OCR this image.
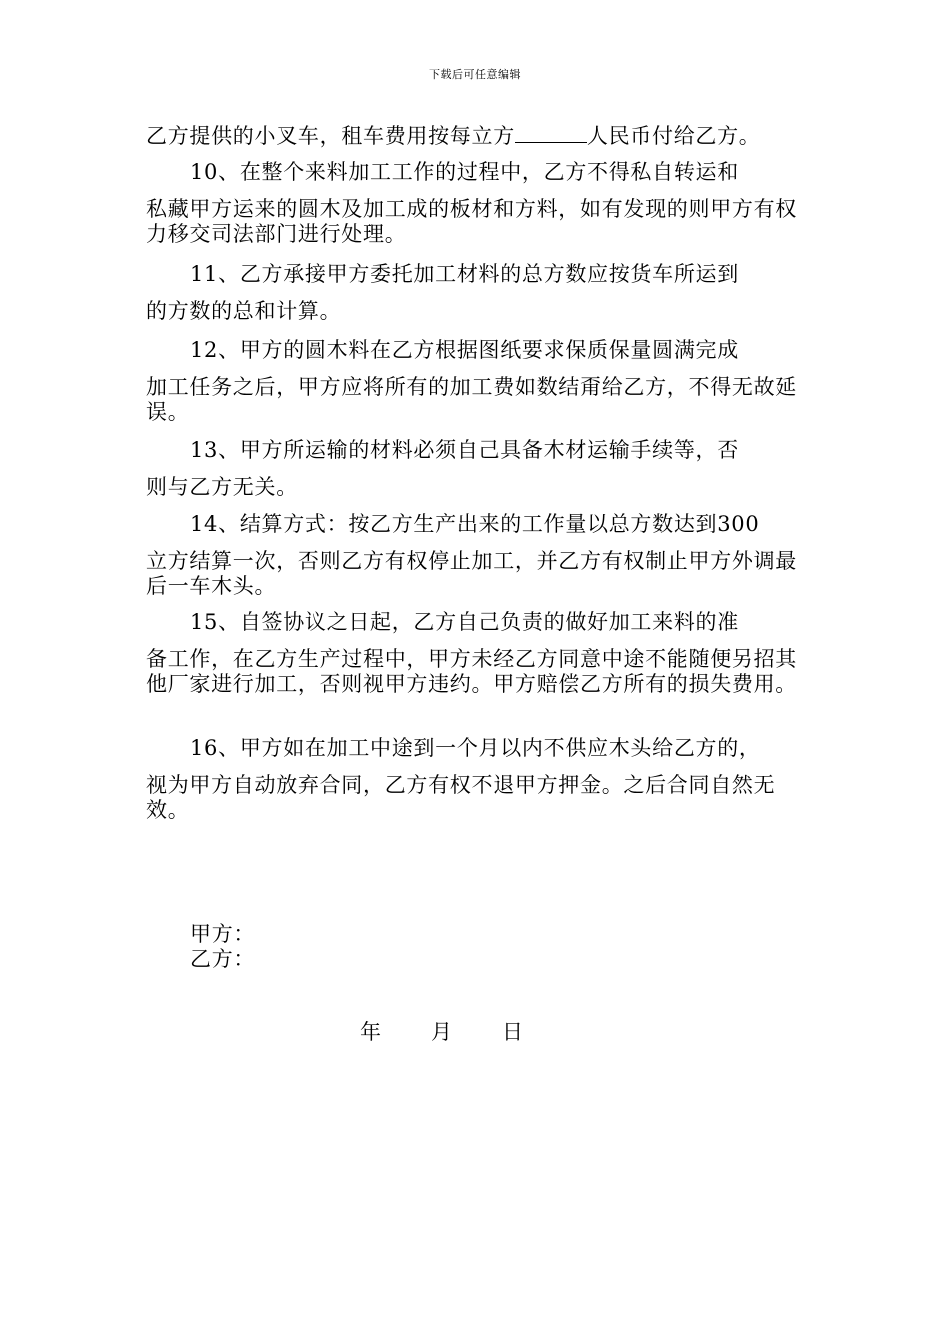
下载后可任意编辑
乙方提供的小叉车，租车费用按每立方	人民币付给乙方。

10、在整个来料加工工作的过程中，乙方不得私自转运和

私藏甲方运来的圆木及加工成的板材和方料，如有发现的则甲方有权力移交司法部门进行处理。

11、乙方承接甲方委托加工材料的总方数应按货车所运到

的方数的总和计算。

12、甲方的圆木料在乙方根据图纸要求保质保量圆满完成

加工任务之后，甲方应将所有的加工费如数结甭给乙方，不得无故延误。

13、甲方所运输的材料必须自己具备木材运输手续等，否

则与乙方无关。

14、结算方式：按乙方生产出来的工作量以总方数达到300

立方结算一次，否则乙方有权停止加工，并乙方有权制止甲方外调最后一车木头。

15、自签协议之日起，乙方自己负责的做好加工来料的准

备工作，在乙方生产过程中，甲方未经乙方同意中途不能随便另招其他厂家进行加工，否则视甲方违约。甲方赔偿乙方所有的损失费用。

16、甲方如在加工中途到一个月以内不供应木头给乙方的，

视为甲方自动放弃合同，乙方有权不退甲方押金。之后合同自然无效。

甲方：
乙方：
年 月 日
